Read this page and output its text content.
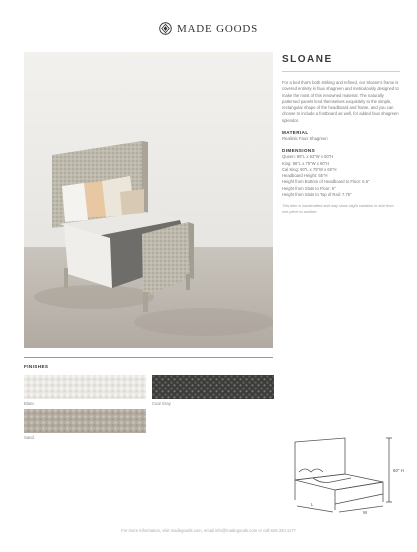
MADE GOODS
SLOANE

For a bed that's both striking and refined, our Sloane's frame is covered entirely in faux shagreen and meticulously designed to make the most of this renowned material. The naturally patterned panels lend themselves exquisitely to the simple, rectangular shape of the headboard and frame, and you can choose to include a footboard as well, for added faux shagreen splendor.

MATERIAL
Realistic Faux Shagreen
DIMENSIONS
Queen: 86"L x 63"W x 60"H
King: 86"L x 79"W x 60"H
Cal King: 90"L x 75"W x 60"H
Headboard Height: 55"H
Height from Bottom of Headboard to Floor: 6.5"
Height from Slats to Floor: 6"
Height from Slats to Top of Rail: 7.75"

This item is handcrafted and may show slight variation in size from one piece to another.

FINISHES
Blanc	Coal Gray
Sand
60" H
L
W
For more information, visit madegoods.com, email info@madegoods.com or call 626.333.1177
